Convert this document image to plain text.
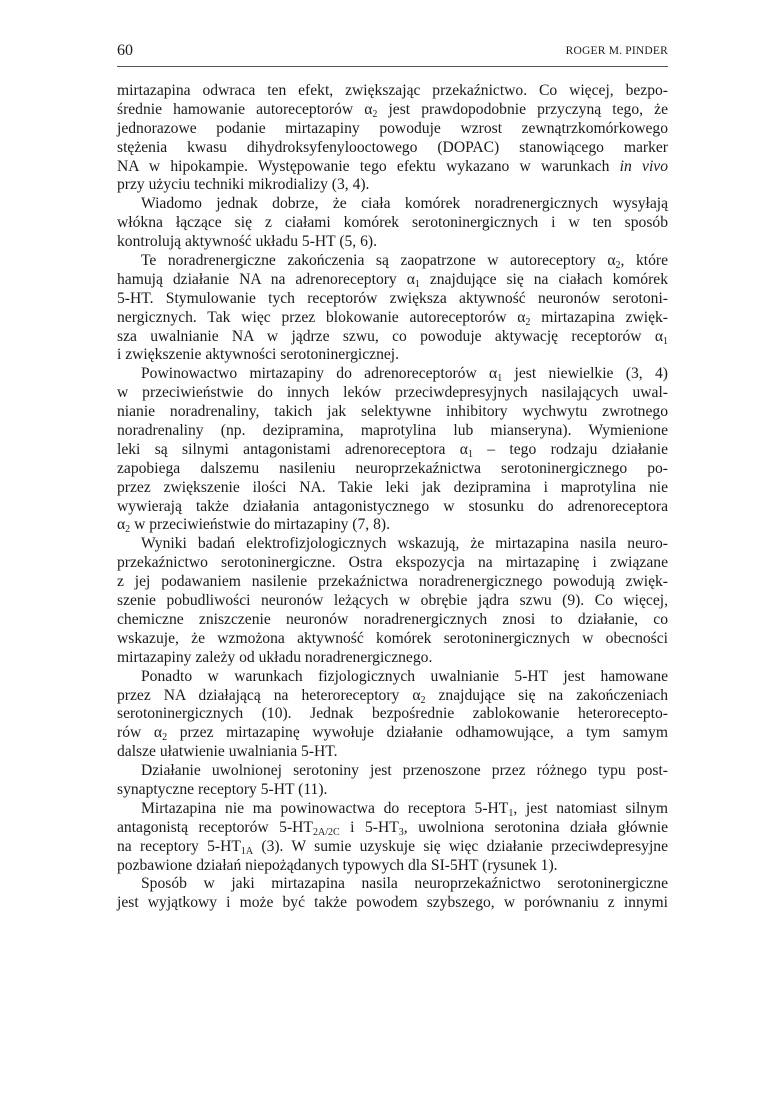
60	ROGER M. PINDER
mirtazapina odwraca ten efekt, zwiększając przekaźnictwo. Co więcej, bezpo-
średnie hamowanie autoreceptorów $\alpha_2$ jest prawdopodobnie przyczyną tego, że
jednorazowe podanie mirtazapiny powoduje wzrost zewnątrzkomórkowego
stężenia kwasu dihydroksyfenylooctowego (DOPAC) stanowiącego marker
NA w hipokampie. Występowanie tego efektu wykazano w warunkach in vivo
przy użyciu techniki mikrodializy (3, 4).
Wiadomo jednak dobrze, że ciała komórek noradrenergicznych wysyłają
włókna łączące się z ciałami komórek serotoninergicznych i w ten sposób
kontrolują aktywność układu 5-HT (5, 6).
Te noradrenergiczne zakończenia są zaopatrzone w autoreceptory $\alpha_2$, które
hamują działanie NA na adrenoreceptory $\alpha_1$ znajdujące się na ciałach komórek
5-HT. Stymulowanie tych receptorów zwiększa aktywność neuronów serotoni-
nergicznych. Tak więc przez blokowanie autoreceptorów $\alpha_2$ mirtazapina zwięk-
sza uwalnianie NA w jądrze szwu, co powoduje aktywację receptorów $\alpha_1$
i zwiększenie aktywności serotoninergicznej.
Powinowactwo mirtazapiny do adrenoreceptorów $\alpha_1$ jest niewielkie (3, 4)
w przeciwieństwie do innych leków przeciwdepresyjnych nasilających uwal-
nianie noradrenaliny, takich jak selektywne inhibitory wychwytu zwrotnego
noradrenaliny (np. dezipramina, maprotylina lub mianseryna). Wymienione
leki są silnymi antagonistami adrenoreceptora $\alpha_1$ – tego rodzaju działanie
zapobiega dalszemu nasileniu neuroprzekaźnictwa serotoninergicznego po-
przez zwiększenie ilości NA. Takie leki jak dezipramina i maprotylina nie
wywierają także działania antagonistycznego w stosunku do adrenoreceptora
$\alpha_2$ w przeciwieństwie do mirtazapiny (7, 8).
Wyniki badań elektrofizjologicznych wskazują, że mirtazapina nasila neuro-
przekaźnictwo serotoninergiczne. Ostra ekspozycja na mirtazapinę i związane
z jej podawaniem nasilenie przekaźnictwa noradrenergicznego powodują zwięk-
szenie pobudliwości neuronów leżących w obrębie jądra szwu (9). Co więcej,
chemiczne zniszczenie neuronów noradrenergicznych znosi to działanie, co
wskazuje, że wzmożona aktywność komórek serotoninergicznych w obecności
mirtazapiny zależy od układu noradrenergicznego.
Ponadto w warunkach fizjologicznych uwalnianie 5-HT jest hamowane
przez NA działającą na heteroreceptory $\alpha_2$ znajdujące się na zakończeniach
serotoninergicznych (10). Jednak bezpośrednie zablokowanie heterorecepto-
rów $\alpha_2$ przez mirtazapinę wywołuje działanie odhamowujące, a tym samym
dalsze ułatwienie uwalniania 5-HT.
Działanie uwolnionej serotoniny jest przenoszone przez różnego typu post-
synaptyczne receptory 5-HT (11).
Mirtazapina nie ma powinowactwa do receptora $5-HT_1$, jest natomiast silnym
antagonistą receptorów $5-HT_{2A/2C}$ i $5-HT_3$, uwolniona serotonina działa głównie
na receptory $5-HT_{1A}$ (3). W sumie uzyskuje się więc działanie przeciwdepresyjne
pozbawione działań niepożądanych typowych dla SI-5HT (rysunek 1).
Sposób w jaki mirtazapina nasila neuroprzekaźnictwo serotoninergiczne
jest wyjątkowy i może być także powodem szybszego, w porównaniu z innymi
